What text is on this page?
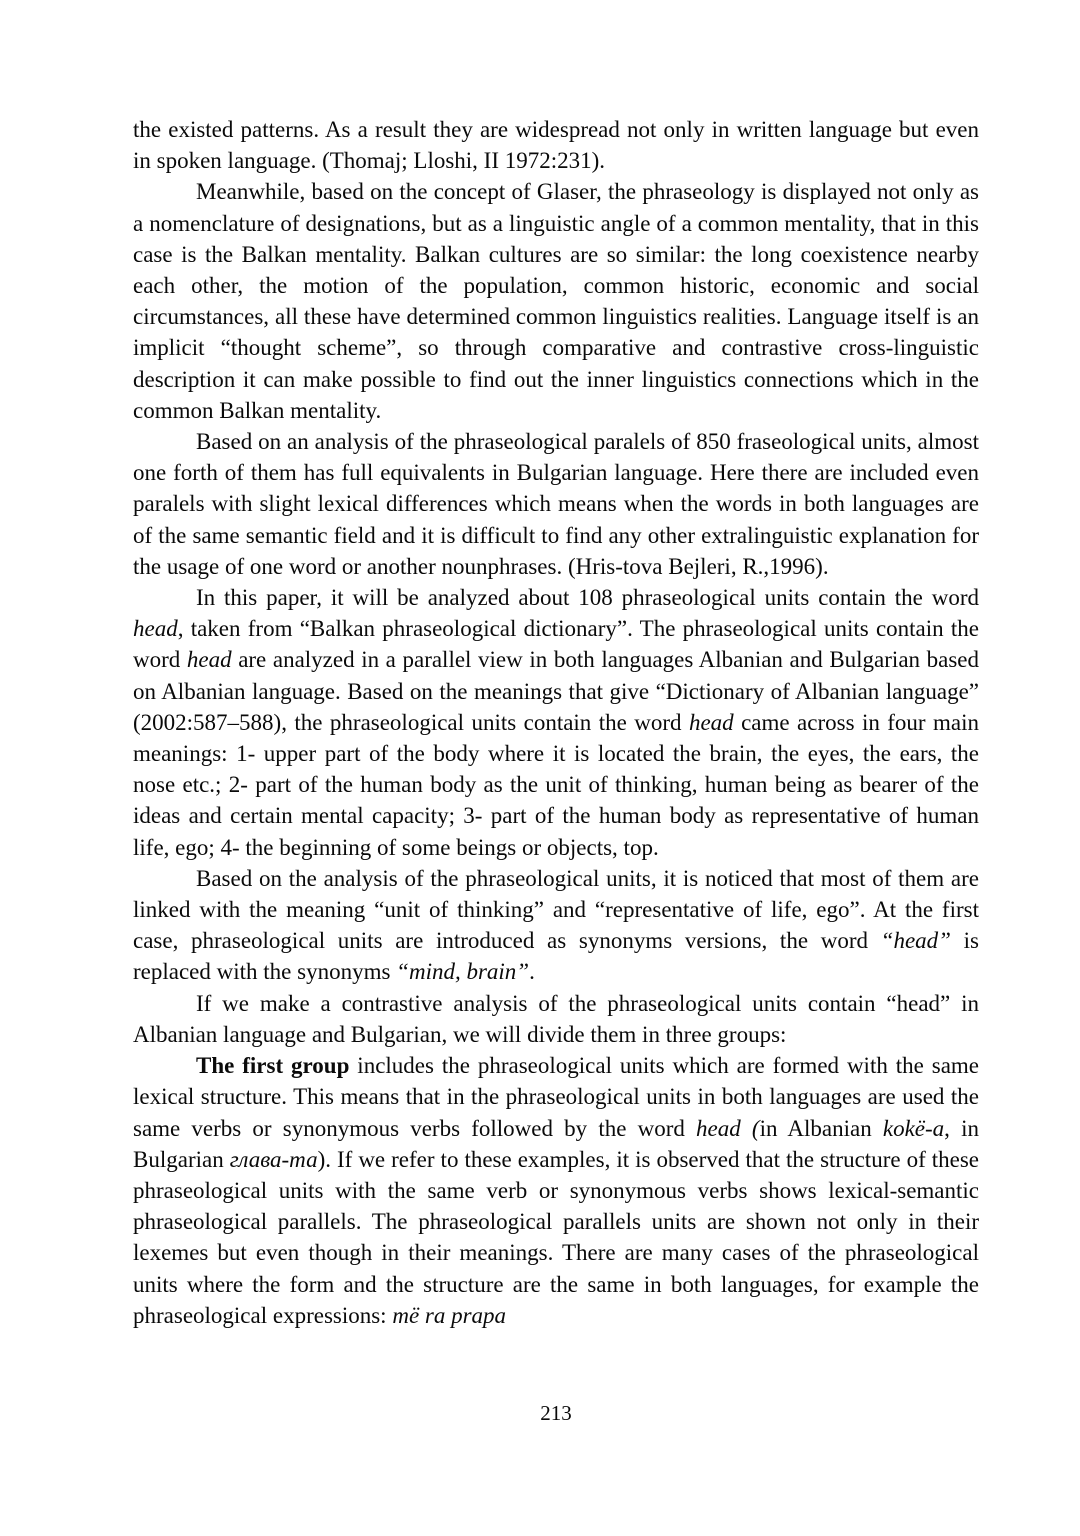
the existed patterns. As a result they are widespread not only in written language but even in spoken language. (Thomaj; Lloshi, II 1972:231).

Meanwhile, based on the concept of Glaser, the phraseology is displayed not only as a nomenclature of designations, but as a linguistic angle of a common mentality, that in this case is the Balkan mentality. Balkan cultures are so similar: the long coexistence nearby each other, the motion of the population, common historic, economic and social circumstances, all these have determined common linguistics realities. Language itself is an implicit “thought scheme”, so through comparative and contrastive cross-linguistic description it can make possible to find out the inner linguistics connections which in the common Balkan mentality.

Based on an analysis of the phraseological paralels of 850 fraseological units, almost one forth of them has full equivalents in Bulgarian language. Here there are included even paralels with slight lexical differences which means when the words in both languages are of the same semantic field and it is difficult to find any other extralinguistic explanation for the usage of one word or another nounphrases. (Hris-tova Bejleri, R.,1996).

In this paper, it will be analyzed about 108 phraseological units contain the word head, taken from “Balkan phraseological dictionary”. The phraseological units contain the word head are analyzed in a parallel view in both languages Albanian and Bulgarian based on Albanian language. Based on the meanings that give “Dictionary of Albanian language” (2002:587–588), the phraseological units contain the word head came across in four main meanings: 1- upper part of the body where it is located the brain, the eyes, the ears, the nose etc.; 2- part of the human body as the unit of thinking, human being as bearer of the ideas and certain mental capacity; 3- part of the human body as representative of human life, ego; 4- the beginning of some beings or objects, top.

Based on the analysis of the phraseological units, it is noticed that most of them are linked with the meaning “unit of thinking” and “representative of life, ego”. At the first case, phraseological units are introduced as synonyms versions, the word “head” is replaced with the synonyms “mind, brain”.

If we make a contrastive analysis of the phraseological units contain “head” in Albanian language and Bulgarian, we will divide them in three groups:

The first group includes the phraseological units which are formed with the same lexical structure. This means that in the phraseological units in both languages are used the same verbs or synonymous verbs followed by the word head (in Albanian kokë-a, in Bulgarian глава-та). If we refer to these examples, it is observed that the structure of these phraseological units with the same verb or synonymous verbs shows lexical-semantic phraseological parallels. The phraseological parallels units are shown not only in their lexemes but even though in their meanings. There are many cases of the phraseological units where the form and the structure are the same in both languages, for example the phraseological expressions: më ra prapa

213
